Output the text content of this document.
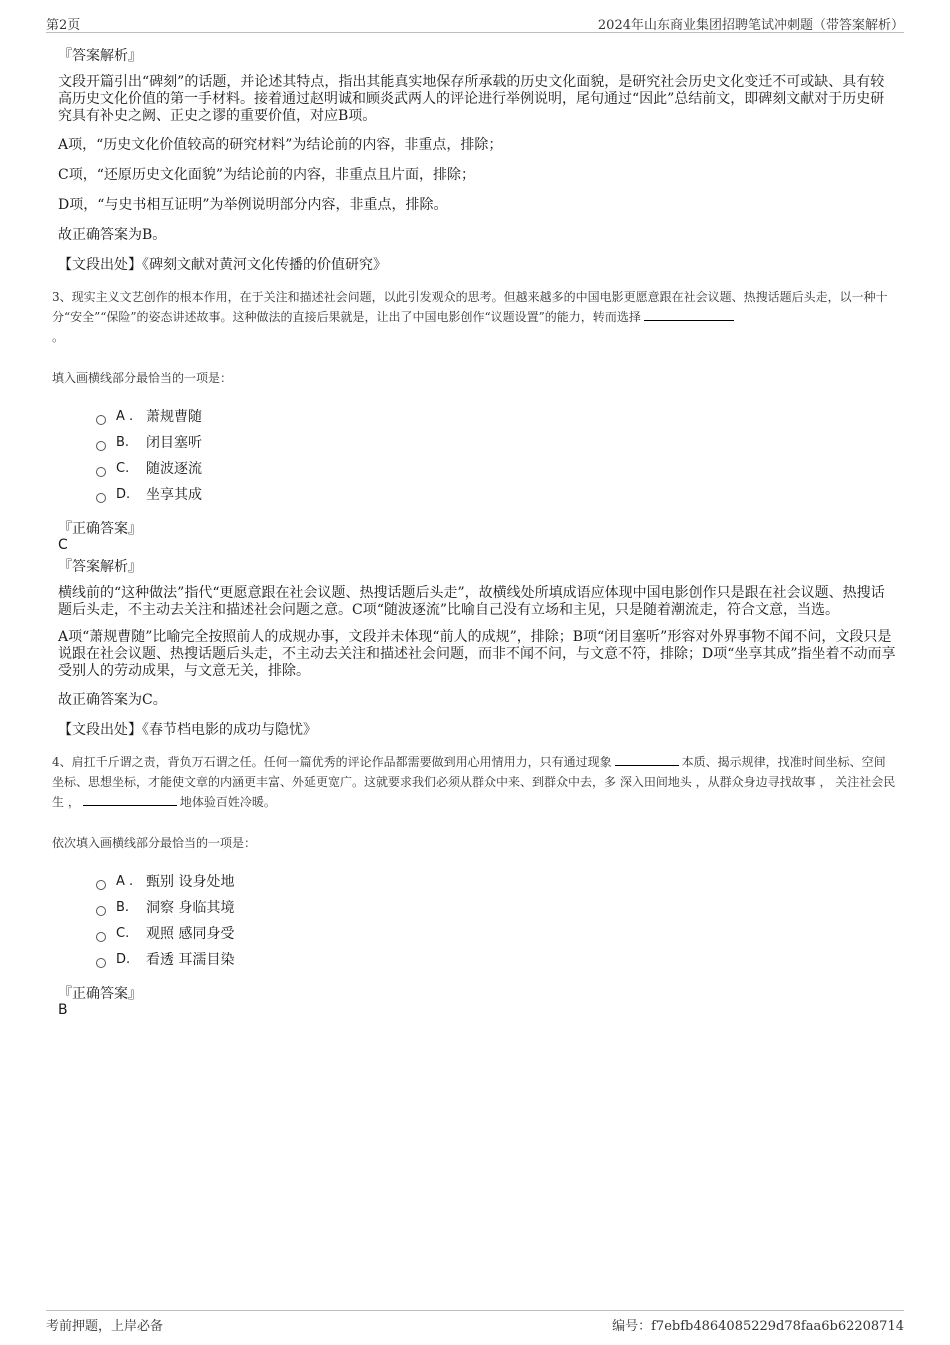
第2页	2024年山东商业集团招聘笔试冲刺题（带答案解析）
『答案解析』
文段开篇引出“碑刻”的话题，并论述其特点，指出其能真实地保存所承载的历史文化面貌，是研究社会历史文化变迁不可或缺、具有较高历史文化价值的第一手材料。接着通过赵明诚和顾炎武两人的评论进行举例说明，尾句通过“因此”总结前文，即碑刻文献对于历史研究具有补史之阙、正史之谬的重要价值，对应B项。
A项，“历史文化价值较高的研究材料”为结论前的内容，非重点，排除；
C项，“还原历史文化面貌”为结论前的内容，非重点且片面，排除；
D项，“与史书相互证明”为举例说明部分内容，非重点，排除。
故正确答案为B。
【文段出处】《碑刻文献对黄河文化传播的价值研究》
3、现实主义文艺创作的根本作用，在于关注和描述社会问题，以此引发观众的思考。但越来越多的中国电影更愿意跟在社会议题、热搜话题后头走，以一种十分“安全”“保险”的姿态讲述故事。这种做法的直接后果就是，让出了中国电影创作“议题设置”的能力，转而选择
。
填入画横线部分最恰当的一项是：
A . 萧规曹随
B.	闭目塞听
C.	随波逐流
D.	坐享其成
『正确答案』
C
『答案解析』
横线前的“这种做法”指代“更愿意跟在社会议题、热搜话题后头走”，故横线处所填成语应体现中国电影创作只是跟在社会议题、热搜话题后头走，不主动去关注和描述社会问题之意。C项“随波逐流”比喻自己没有立场和主见，只是随着潮流走，符合文意，当选。
A项“萧规曹随”比喻完全按照前人的成规办事，文段并未体现“前人的成规”，排除；B项“闭目塞听”形容对外界事物不闻不问，文段只是说跟在社会议题、热搜话题后头走，不主动去关注和描述社会问题，而非不闻不问，与文意不符，排除；D项“坐享其成”指坐着不动而享受别人的劳动成果，与文意无关，排除。
故正确答案为C。
【文段出处】《春节档电影的成功与隐忧》
4、肩扛千斤谓之责，背负万石谓之任。任何一篇优秀的评论作品都需要做到用心用情用力，只有通过现象	本质、揭示规律，找准时间坐标、空间坐标、思想坐标，才能使文章的内涵更丰富、外延更宽广。这就要求我们必须从群众中来、到群众中去，多 深入田间地头 ，从群众身边寻找故事 ， 关注社会民生 ，	地体验百姓冷暖。
依次填入画横线部分最恰当的一项是：
A . 甄别 设身处地
B.	洞察 身临其境
C.	观照 感同身受
D.	看透 耳濡目染
『正确答案』
B
考前押题，上岸必备	编号：f7ebfb4864085229d78faa6b62208714
